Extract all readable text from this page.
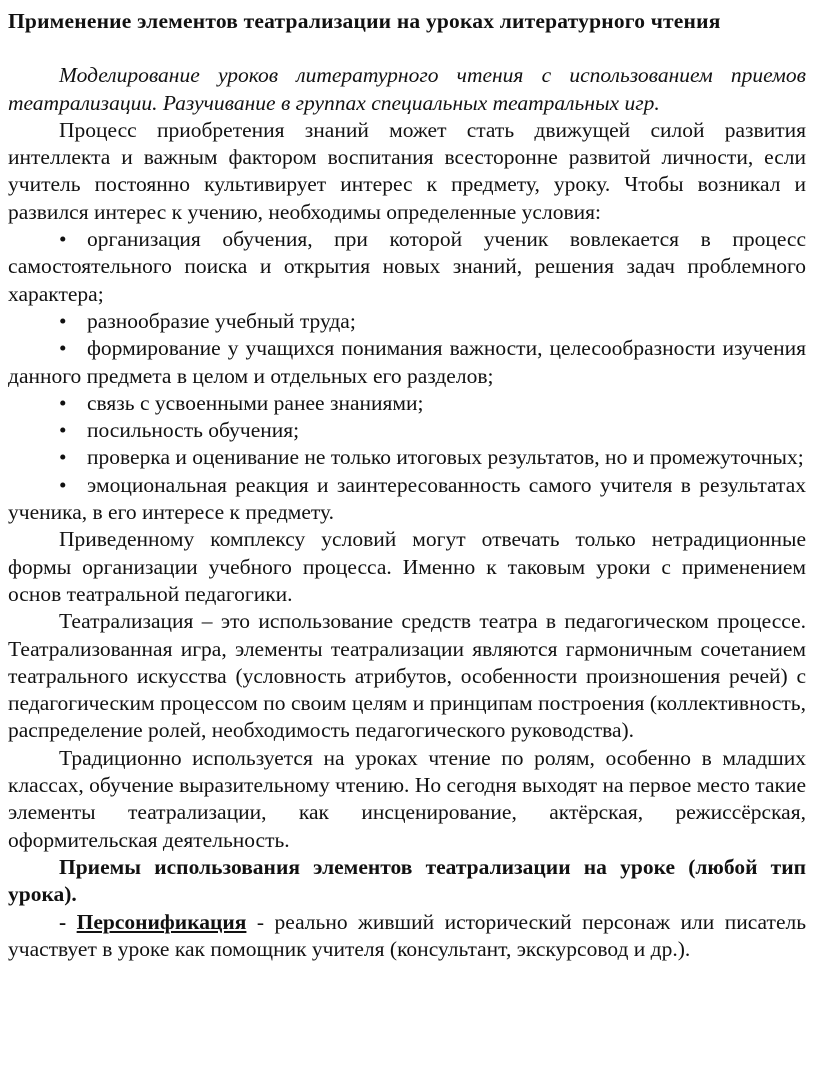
Применение элементов театрализации на уроках литературного чтения

Моделирование уроков литературного чтения с использованием приемов театрализации. Разучивание в группах специальных театральных игр.

Процесс приобретения знаний может стать движущей силой развития интеллекта и важным фактором воспитания всесторонне развитой личности, если учитель постоянно культивирует интерес к предмету, уроку. Чтобы возникал и развился интерес к учению, необходимы определенные условия:

• организация обучения, при которой ученик вовлекается в процесс самостоятельного поиска и открытия новых знаний, решения задач проблемного характера;

• разнообразие учебный труда;

• формирование у учащихся понимания важности, целесообразности изучения данного предмета в целом и отдельных его разделов;

• связь с усвоенными ранее знаниями;

• посильность обучения;

• проверка и оценивание не только итоговых результатов, но и промежуточных;

• эмоциональная реакция и заинтересованность самого учителя в результатах ученика, в его интересе к предмету.

Приведенному комплексу условий могут отвечать только нетрадиционные формы организации учебного процесса. Именно к таковым уроки с применением основ театральной педагогики.

Театрализация – это использование средств театра в педагогическом процессе. Театрализованная игра, элементы театрализации являются гармоничным сочетанием театрального искусства (условность атрибутов, особенности произношения речей) с педагогическим процессом по своим целям и принципам построения (коллективность, распределение ролей, необходимость педагогического руководства).

Традиционно используется на уроках чтение по ролям, особенно в младших классах, обучение выразительному чтению. Но сегодня выходят на первое место такие элементы театрализации, как инсценирование, актёрская, режиссёрская, оформительская деятельность.

Приемы использования элементов театрализации на уроке (любой тип урока).

- Персонификация - реально живший исторический персонаж или писатель участвует в уроке как помощник учителя (консультант, экскурсовод и др.).
